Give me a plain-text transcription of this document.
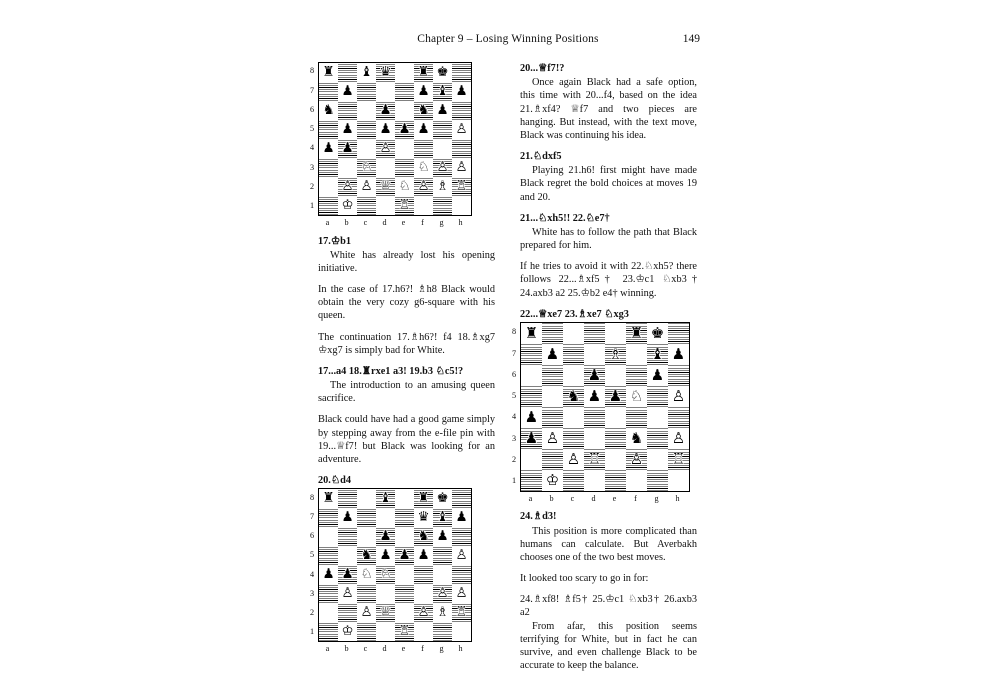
Chapter 9 – Losing Winning Positions	149
8
7
6
5
4
3
2
1
♜ ♝ ♛ ♜ ♚
♟	♟ ♝ ♟
♞	♟ ♞ ♟
♟ ♟ ♟ ♟ ♙
♟ ♟ ♙
♘	♘ ♙ ♙
♙ ♙ ♕ ♘ ♙ ♗ ♖
♔	♖
a	b	c	d	e	f	g	h

17.♔b1

White has already lost his opening initiative.

In the case of 17.h6?! ♗h8 Black would obtain the very cozy g6-square with his queen.

The continuation 17.♗h6?! f4 18.♗xg7 ♔xg7 is simply bad for White.

17...a4 18.♜rxe1 a3! 19.b3 ♘c5!?

The introduction to an amusing queen sacrifice.

Black could have had a good game simply by stepping away from the e-file pin with 19...♕f7! but Black was looking for an adventure.

20.♘d4

8
7
6
5
4
3
2
1
♜	♝ ♜ ♚
♟	♛ ♝ ♟
♟ ♞ ♟
♞ ♟ ♟ ♟ ♙
♟ ♟ ♘ ♘
♙	♙ ♙
♙ ♕ ♙ ♗ ♖
♔	♖
a	b	c	d	e	f	g	h

20...♕f7!?

Once again Black had a safe option, this time with 20...f4, based on the idea 21.♗xf4? ♕f7 and two pieces are hanging. But instead, with the text move, Black was continuing his idea.

21.♘dxf5

Playing 21.h6! first might have made Black regret the bold choices at moves 19 and 20.

21...♘xh5!! 22.♘e7†

White has to follow the path that Black prepared for him.

If he tries to avoid it with 22.♘xh5? there follows 22...♗xf5† 23.♔c1 ♘xb3† 24.axb3 a2 25.♔b2 e4† winning.

22...♕xe7 23.♗xe7 ♘xg3

8
7
6
5
4
3
2
1
♜	♜ ♚
♟	♗ ♝ ♟
♟	♟
♞ ♟ ♟ ♘ ♙
♟
♟ ♙	♞ ♙
♙ ♖ ♙ ♖
♔
a	b	c	d	e	f	g	h

24.♗d3!

This position is more complicated than humans can calculate. But Averbakh chooses one of the two best moves.

It looked too scary to go in for:

24.♗xf8! ♗f5† 25.♔c1 ♘xb3† 26.axb3 a2

From afar, this position seems terrifying for White, but in fact he can survive, and even challenge Black to be accurate to keep the balance.
